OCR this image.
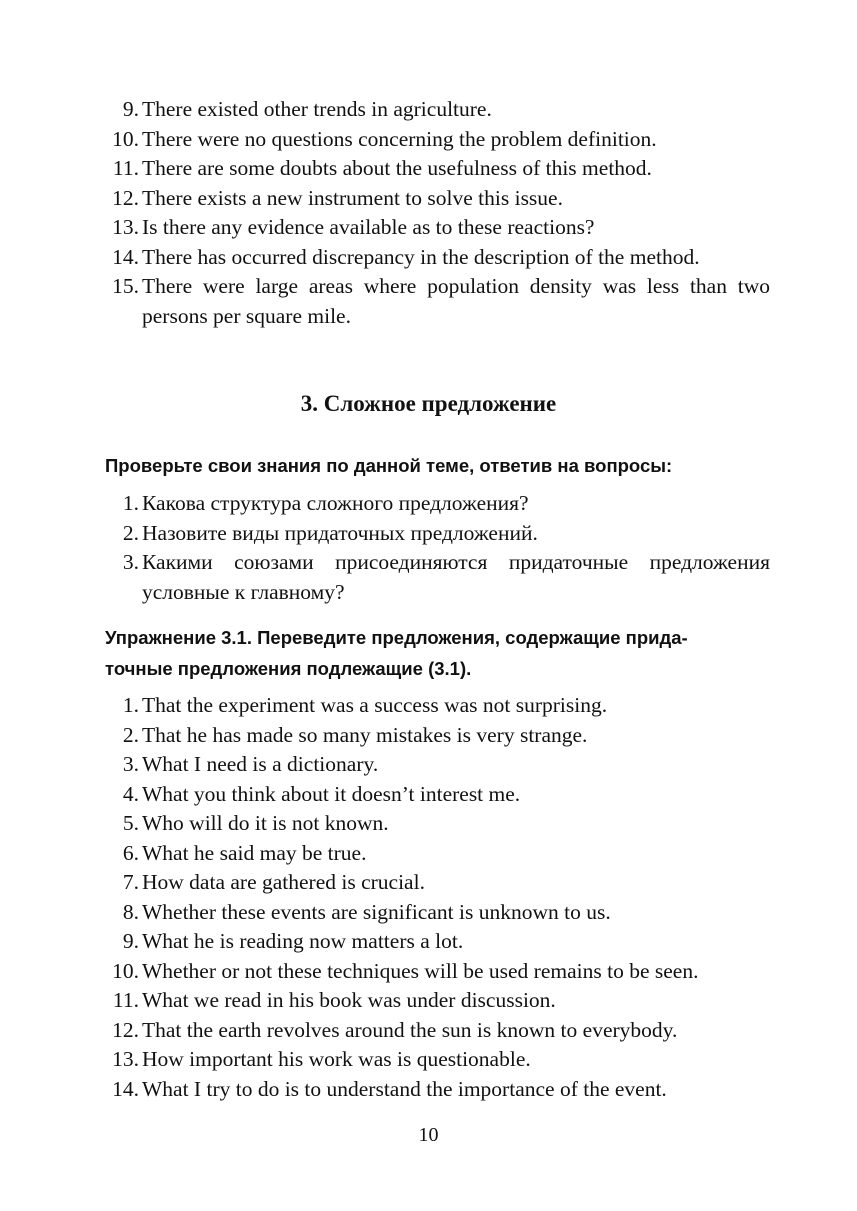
9. There existed other trends in agriculture.
10. There were no questions concerning the problem definition.
11. There are some doubts about the usefulness of this method.
12. There exists a new instrument to solve this issue.
13. Is there any evidence available as to these reactions?
14. There has occurred discrepancy in the description of the method.
15. There were large areas where population density was less than two persons per square mile.
3. Сложное предложение
Проверьте свои знания по данной теме, ответив на вопросы:
1. Какова структура сложного предложения?
2. Назовите виды придаточных предложений.
3. Какими союзами присоединяются придаточные предложения условные к главному?
Упражнение 3.1. Переведите предложения, содержащие прида-
точные предложения подлежащие (3.1).
1. That the experiment was a success was not surprising.
2. That he has made so many mistakes is very strange.
3. What I need is a dictionary.
4. What you think about it doesn’t interest me.
5. Who will do it is not known.
6. What he said may be true.
7. How data are gathered is crucial.
8. Whether these events are significant is unknown to us.
9. What he is reading now matters a lot.
10. Whether or not these techniques will be used remains to be seen.
11. What we read in his book was under discussion.
12. That the earth revolves around the sun is known to everybody.
13. How important his work was is questionable.
14. What I try to do is to understand the importance of the event.
10
